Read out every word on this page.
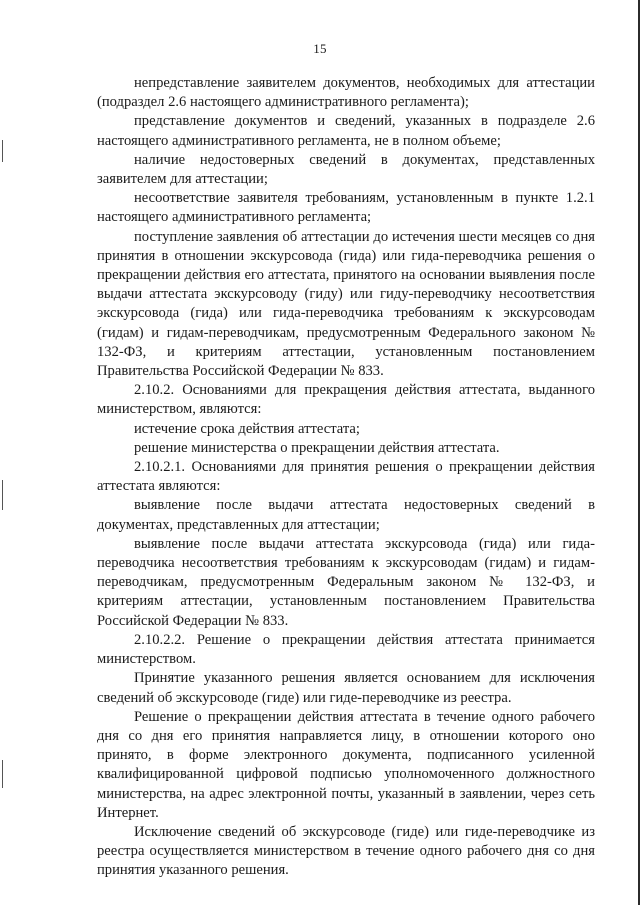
15

непредставление заявителем документов, необходимых для аттестации (подраздел 2.6 настоящего административного регламента);

представление документов и сведений, указанных в подразделе 2.6 настоящего административного регламента, не в полном объеме;

наличие недостоверных сведений в документах, представленных заявителем для аттестации;

несоответствие заявителя требованиям, установленным в пункте 1.2.1 настоящего административного регламента;

поступление заявления об аттестации до истечения шести месяцев со дня принятия в отношении экскурсовода (гида) или гида-переводчика решения о прекращении действия его аттестата, принятого на основании выявления после выдачи аттестата экскурсоводу (гиду) или гиду-переводчику несоответствия экскурсовода (гида) или гида-переводчика требованиям к экскурсоводам (гидам) и гидам-переводчикам, предусмотренным Федерального законом № 132-ФЗ, и критериям аттестации, установленным постановлением Правительства Российской Федерации № 833.

2.10.2. Основаниями для прекращения действия аттестата, выданного министерством, являются:

истечение срока действия аттестата;

решение министерства о прекращении действия аттестата.

2.10.2.1. Основаниями для принятия решения о прекращении действия аттестата являются:

выявление после выдачи аттестата недостоверных сведений в документах, представленных для аттестации;

выявление после выдачи аттестата экскурсовода (гида) или гида-переводчика несоответствия требованиям к экскурсоводам (гидам) и гидам-переводчикам, предусмотренным Федеральным законом № 132-ФЗ, и критериям аттестации, установленным постановлением Правительства Российской Федерации № 833.

2.10.2.2. Решение о прекращении действия аттестата принимается министерством.

Принятие указанного решения является основанием для исключения сведений об экскурсоводе (гиде) или гиде-переводчике из реестра.

Решение о прекращении действия аттестата в течение одного рабочего дня со дня его принятия направляется лицу, в отношении которого оно принято, в форме электронного документа, подписанного усиленной квалифицированной цифровой подписью уполномоченного должностного министерства, на адрес электронной почты, указанный в заявлении, через сеть Интернет.

Исключение сведений об экскурсоводе (гиде) или гиде-переводчике из реестра осуществляется министерством в течение одного рабочего дня со дня принятия указанного решения.
